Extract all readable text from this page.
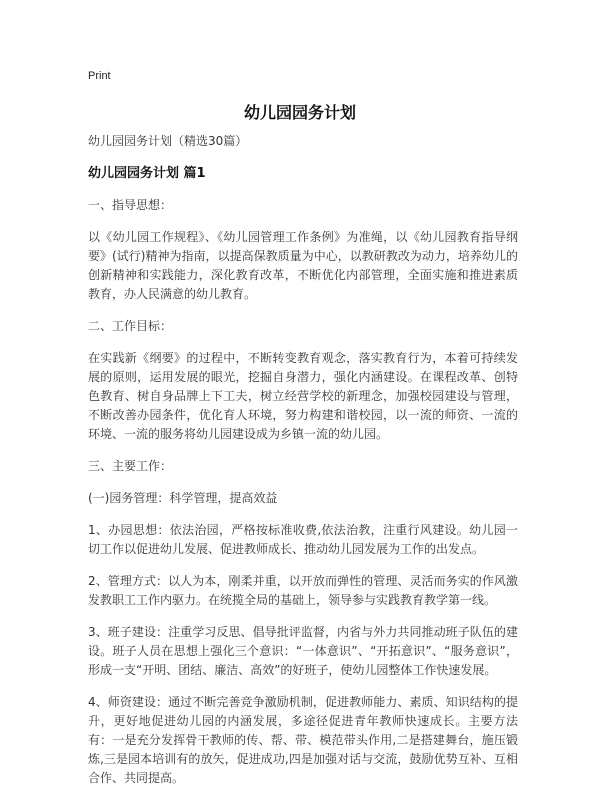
Print
幼儿园园务计划

幼儿园园务计划（精选30篇）

幼儿园园务计划 篇1

一、指导思想：

以《幼儿园工作规程》、《幼儿园管理工作条例》为准绳，以《幼儿园教育指导纲要》(试行)精神为指南，以提高保教质量为中心，以教研教改为动力，培养幼儿的创新精神和实践能力，深化教育改革，不断优化内部管理，全面实施和推进素质教育，办人民满意的幼儿教育。

二、工作目标：

在实践新《纲要》的过程中，不断转变教育观念，落实教育行为，本着可持续发展的原则，运用发展的眼光，挖掘自身潜力，强化内涵建设。在课程改革、创特色教育、树自身品牌上下工夫，树立经营学校的新理念，加强校园建设与管理，不断改善办园条件，优化育人环境，努力构建和谐校园，以一流的师资、一流的环境、一流的服务将幼儿园建设成为乡镇一流的幼儿园。

三、主要工作：

(一)园务管理：科学管理，提高效益

1、办园思想：依法治园，严格按标准收费,依法治教，注重行风建设。幼儿园一切工作以促进幼儿发展、促进教师成长、推动幼儿园发展为工作的出发点。

2、管理方式：以人为本，刚柔并重，以开放而弹性的管理、灵活而务实的作风激发教职工工作内驱力。在统揽全局的基础上，领导参与实践教育教学第一线。

3、班子建设：注重学习反思、倡导批评监督，内省与外力共同推动班子队伍的建设。班子人员在思想上强化三个意识：“一体意识”、“开拓意识”、“服务意识”，形成一支“开明、团结、廉洁、高效”的好班子，使幼儿园整体工作快速发展。

4、师资建设：通过不断完善竞争激励机制，促进教师能力、素质、知识结构的提升，更好地促进幼儿园的内涵发展，多途径促进青年教师快速成长。主要方法有：一是充分发挥骨干教师的传、帮、带、模范带头作用,二是搭建舞台，施压锻炼,三是园本培训有的放矢，促进成功,四是加强对话与交流，鼓励优势互补、互相合作、共同提高。
